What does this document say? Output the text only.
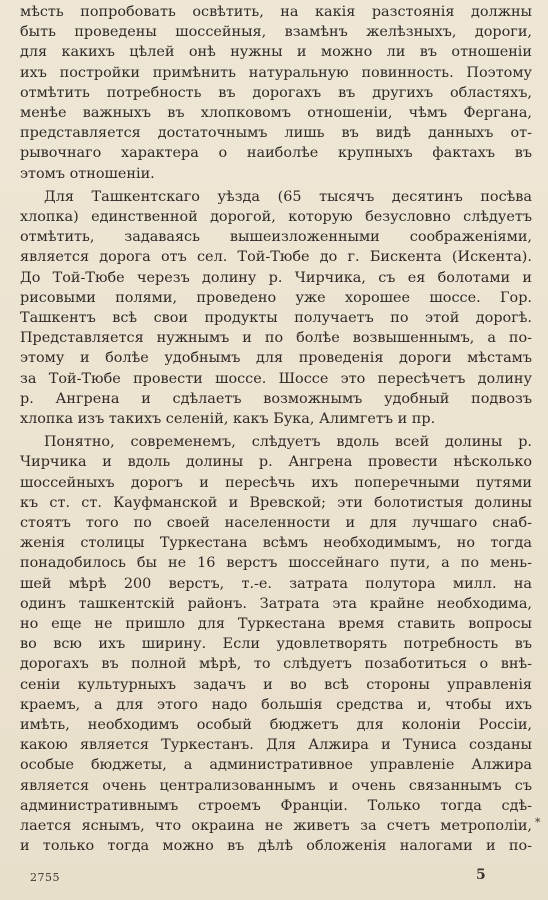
мѣсть попробовать освѣтить, на какія разстоянія должны
быть проведены шоссейныя, взамѣнъ желѣзныхъ, дороги,
для какихъ цѣлей онѣ нужны и можно ли въ отношеніи
ихъ постройки примѣнить натуральную повинность. Поэтому
отмѣтить потребность въ дорогахъ въ другихъ областяхъ,
менѣе важныхъ въ хлопковомъ отношеніи, чѣмъ Фергана,
представляется достаточнымъ лишь въ видѣ данныхъ от-
рывочнаго характера о наиболѣе крупныхъ фактахъ въ
этомъ отношеніи.
Для Ташкентскаго уѣзда (65 тысячъ десятинъ посѣва
хлопка) единственной дорогой, которую безусловно слѣдуетъ
отмѣтить, задаваясь вышеизложенными соображеніями,
является дорога отъ сел. Той-Тюбе до г. Бискента (Искента).
До Той-Тюбе черезъ долину р. Чирчика, съ ея болотами и
рисовыми полями, проведено уже хорошее шоссе. Гор.
Ташкентъ всѣ свои продукты получаетъ по этой дорогѣ.
Представляется нужнымъ и по болѣе возвышеннымъ, а по-
этому и болѣе удобнымъ для проведенія дороги мѣстамъ
за Той-Тюбе провести шоссе. Шоссе это пересѣчетъ долину
р. Ангрена и сдѣлаетъ возможнымъ удобный подвозъ
хлопка изъ такихъ селеній, какъ Бука, Алимгетъ и пр.
Понятно, современемъ, слѣдуетъ вдоль всей долины р.
Чирчика и вдоль долины р. Ангрена провести нѣсколько
шоссейныхъ дорогъ и пересѣчь ихъ поперечными путями
къ ст. ст. Кауфманской и Вревской; эти болотистыя долины
стоятъ того по своей населенности и для лучшаго снаб-
женія столицы Туркестана всѣмъ необходимымъ, но тогда
понадобилось бы не 16 верстъ шоссейнаго пути, а по мень-
шей мѣрѣ 200 верстъ, т.-е. затрата полутора милл. на
одинъ ташкентскій районъ. Затрата эта крайне необходима,
но еще не пришло для Туркестана время ставить вопросы
во всю ихъ ширину. Если удовлетворять потребность въ
дорогахъ въ полной мѣрѣ, то слѣдуетъ позаботиться о внѣ-
сеніи культурныхъ задачъ и во всѣ стороны управленія
краемъ, а для этого надо большія средства и, чтобы ихъ
имѣть, необходимъ особый бюджетъ для колоніи Россіи,
какою является Туркестанъ. Для Алжира и Туниса созданы
особые бюджеты, а административное управленіе Алжира
является очень централизованнымъ и очень связаннымъ съ
административнымъ строемъ Франціи. Только тогда сдѣ-
лается яснымъ, что окраина не живетъ за счетъ метрополіи,
и только тогда можно въ дѣлѣ обложенія налогами и по-
2755	5
*
